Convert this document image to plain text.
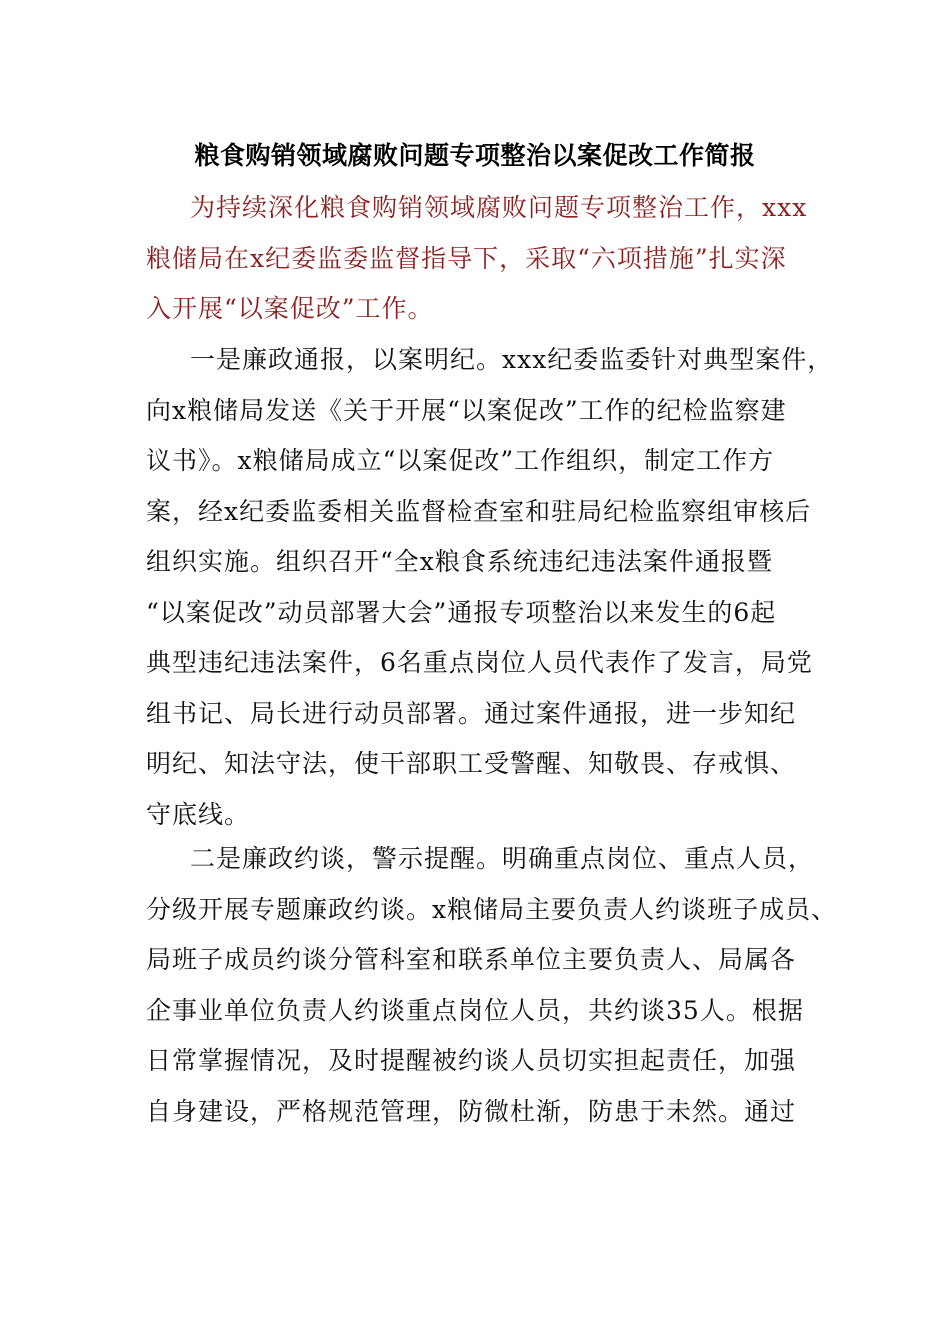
粮食购销领域腐败问题专项整治以案促改工作简报
为持续深化粮食购销领域腐败问题专项整治工作，xxx
粮储局在x纪委监委监督指导下，采取“六项措施”扎实深
入开展“以案促改”工作。
一是廉政通报，以案明纪。xxx纪委监委针对典型案件，
向x粮储局发送《关于开展“以案促改”工作的纪检监察建
议书》。x粮储局成立“以案促改”工作组织，制定工作方
案，经x纪委监委相关监督检查室和驻局纪检监察组审核后
组织实施。组织召开“全x粮食系统违纪违法案件通报暨
“以案促改”动员部署大会”通报专项整治以来发生的6起
典型违纪违法案件，6名重点岗位人员代表作了发言，局党
组书记、局长进行动员部署。通过案件通报，进一步知纪
明纪、知法守法，使干部职工受警醒、知敬畏、存戒惧、
守底线。
二是廉政约谈，警示提醒。明确重点岗位、重点人员，
分级开展专题廉政约谈。x粮储局主要负责人约谈班子成员、
局班子成员约谈分管科室和联系单位主要负责人、局属各
企事业单位负责人约谈重点岗位人员，共约谈35人。根据
日常掌握情况，及时提醒被约谈人员切实担起责任，加强
自身建设，严格规范管理，防微杜渐，防患于未然。通过
